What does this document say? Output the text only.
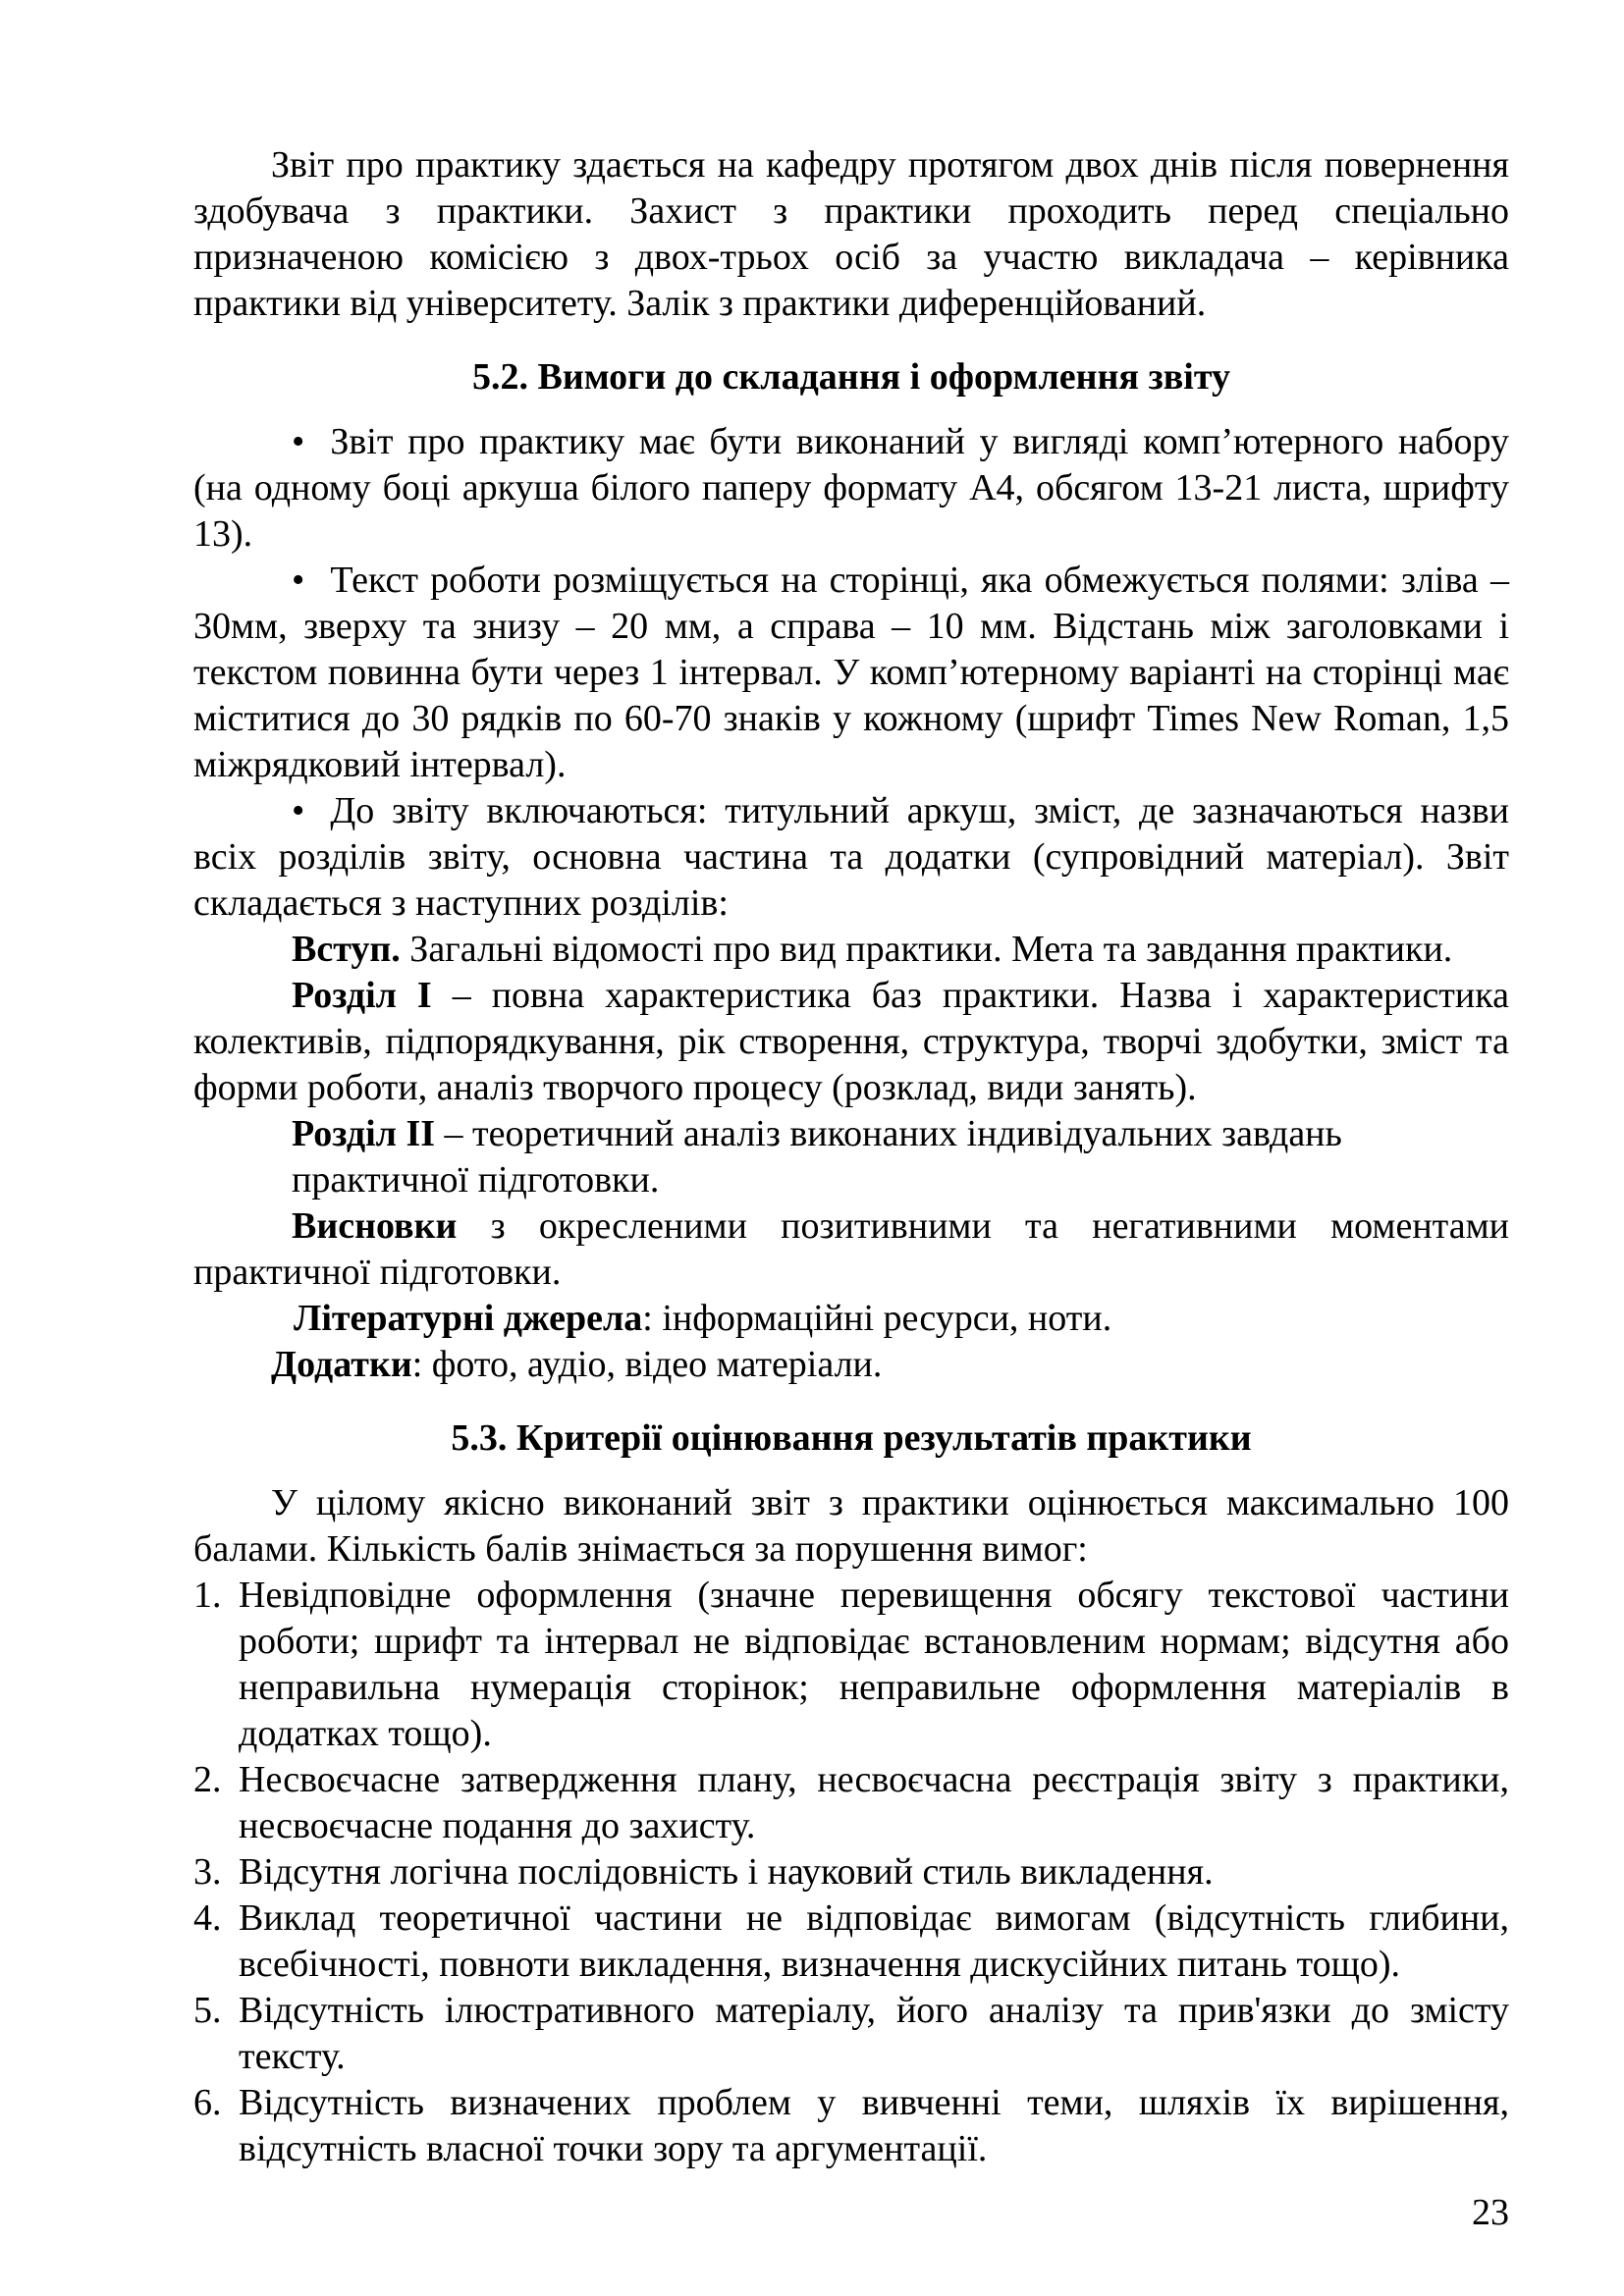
Звіт про практику здається на кафедру протягом двох днів після повернення здобувача з практики. Захист з практики проходить перед спеціально призначеною комісією з двох-трьох осіб за участю викладача – керівника практики від університету. Залік з практики диференційований.

5.2. Вимоги до складання і оформлення звіту

• Звіт про практику має бути виконаний у вигляді комп’ютерного набору (на одному боці аркуша білого паперу формату А4, обсягом 13-21 листа, шрифту 13).

• Текст роботи розміщується на сторінці, яка обмежується полями: зліва – 30мм, зверху та знизу – 20 мм, а справа – 10 мм. Відстань між заголовками і текстом повинна бути через 1 інтервал. У комп’ютерному варіанті на сторінці має міститися до 30 рядків по 60-70 знаків у кожному (шрифт Times New Roman, 1,5 міжрядковий інтервал).

• До звіту включаються: титульний аркуш, зміст, де зазначаються назви всіх розділів звіту, основна частина та додатки (супровідний матеріал). Звіт складається з наступних розділів:

Вступ. Загальні відомості про вид практики. Мета та завдання практики.

Розділ I – повна характеристика баз практики. Назва і характеристика колективів, підпорядкування, рік створення, структура, творчі здобутки, зміст та форми роботи, аналіз творчого процесу (розклад, види занять).

Розділ II – теоретичний аналіз виконаних індивідуальних завдань
практичної підготовки.

Висновки з окресленими позитивними та негативними моментами практичної підготовки.

Літературні джерела: інформаційні ресурси, ноти.

Додатки: фото, аудіо, відео матеріали.

5.3. Критерії оцінювання результатів практики

У цілому якісно виконаний звіт з практики оцінюється максимально 100 балами. Кількість балів знімається за порушення вимог:

1. Невідповідне оформлення (значне перевищення обсягу текстової частини роботи; шрифт та інтервал не відповідає встановленим нормам; відсутня або неправильна нумерація сторінок; неправильне оформлення матеріалів в додатках тощо).
2. Несвоєчасне затвердження плану, несвоєчасна реєстрація звіту з практики, несвоєчасне подання до захисту.
3. Відсутня логічна послідовність і науковий стиль викладення.
4. Виклад теоретичної частини не відповідає вимогам (відсутність глибини, всебічності, повноти викладення, визначення дискусійних питань тощо).
5. Відсутність ілюстративного матеріалу, його аналізу та прив'язки до змісту тексту.
6. Відсутність визначених проблем у вивченні теми, шляхів їх вирішення, відсутність власної точки зору та аргументації.
23
